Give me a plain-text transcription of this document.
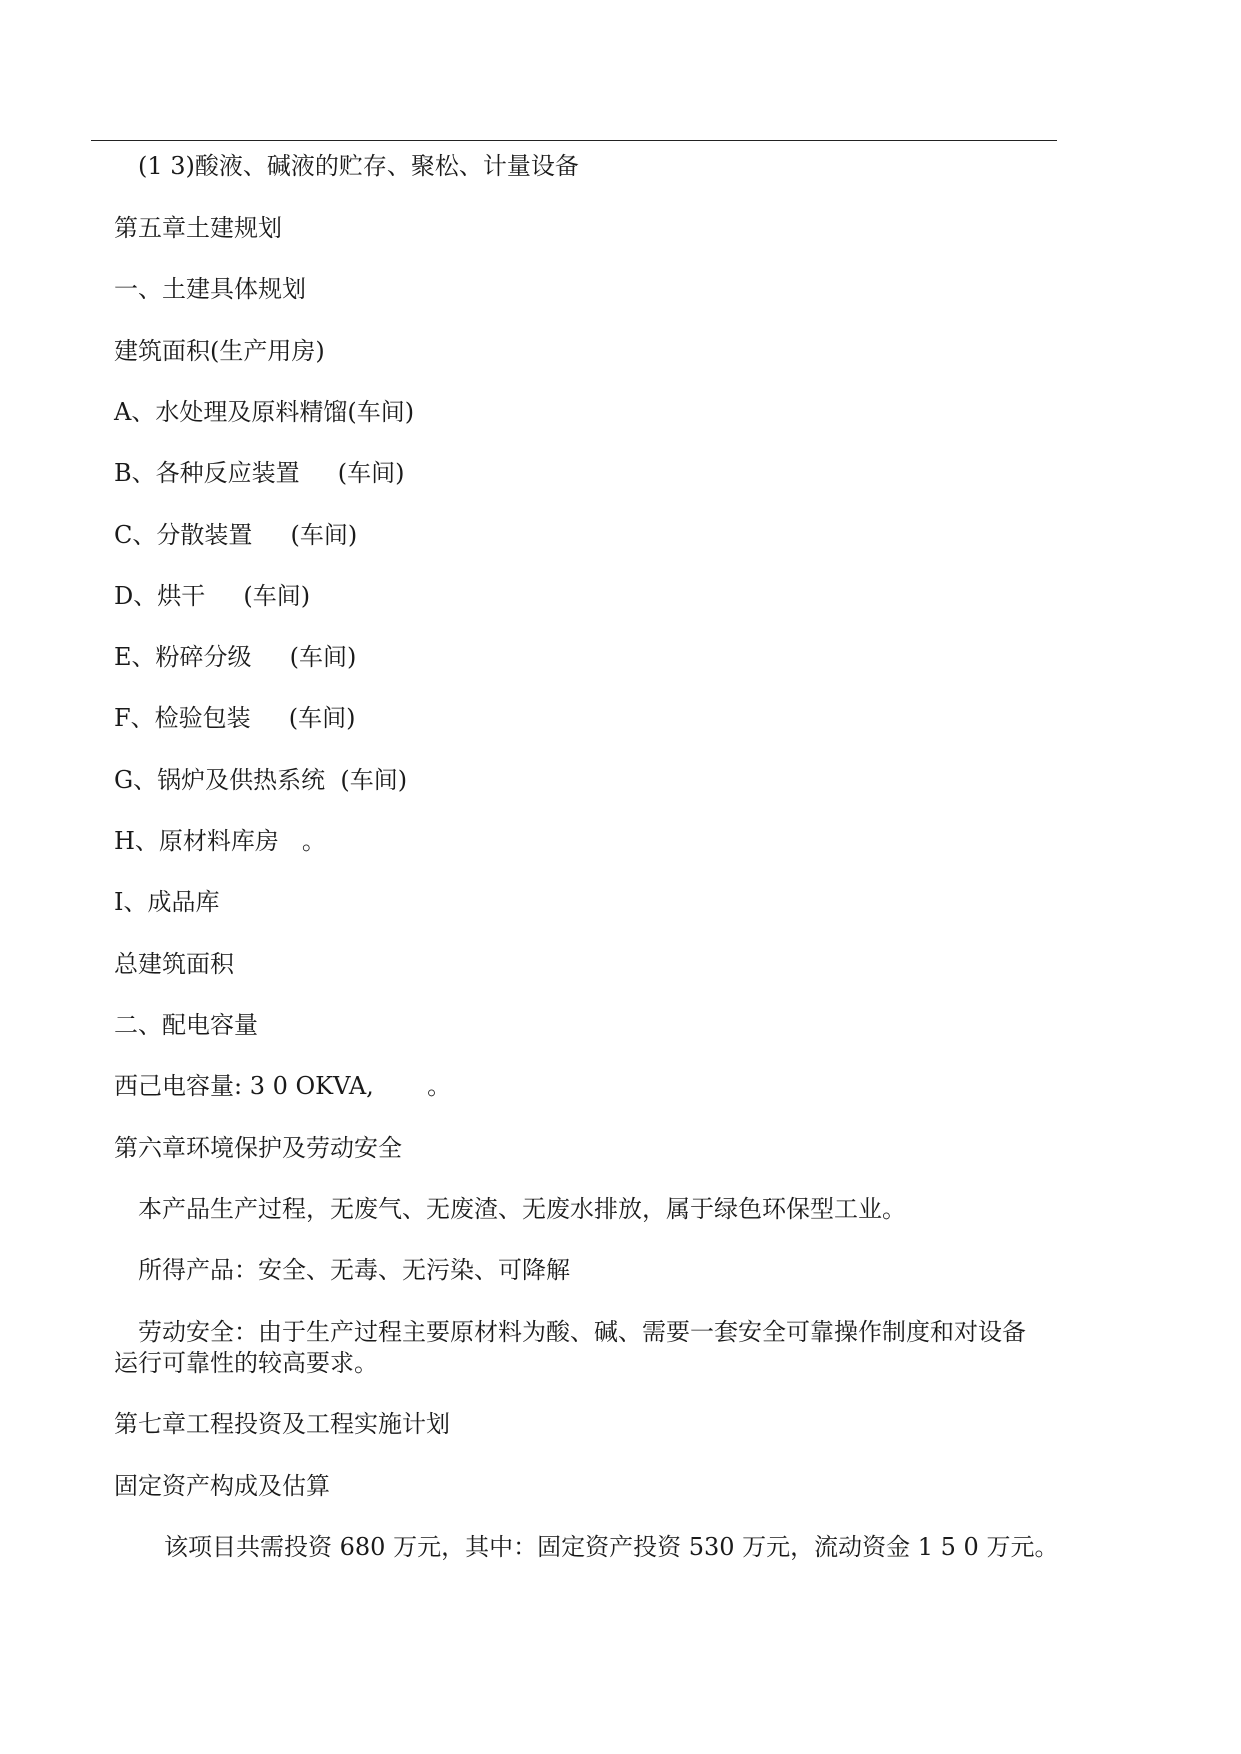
(1 3)酸液、碱液的贮存、聚松、计量设备
第五章土建规划
一、土建具体规划
建筑面积(生产用房)
A、水处理及原料精馏(车间)
B、各种反应装置     (车间)
C、分散装置     (车间)
D、烘干     (车间)
E、粉碎分级     (车间)
F、检验包装     (车间)
G、锅炉及供热系统  (车间)
H、原材料库房   。
I、成品库
总建筑面积
二、配电容量
西己电容量: 3 0 OKVA,       。
第六章环境保护及劳动安全
本产品生产过程，无废气、无废渣、无废水排放，属于绿色环保型工业。
所得产品：安全、无毒、无污染、可降解
劳动安全：由于生产过程主要原材料为酸、碱、需要一套安全可靠操作制度和对设备
运行可靠性的较高要求。
第七章工程投资及工程实施计划
固定资产构成及估算
该项目共需投资 680 万元，其中：固定资产投资 530 万元，流动资金 1 5 0 万元。
